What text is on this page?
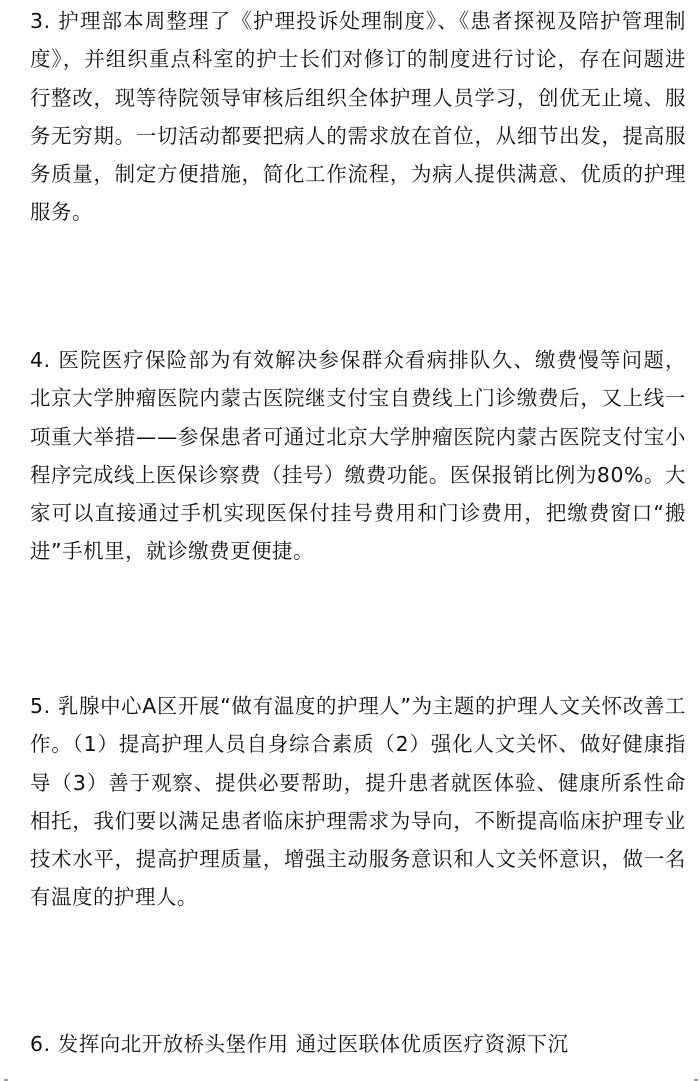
3. 护理部本周整理了《护理投诉处理制度》、《患者探视及陪护管理制度》，并组织重点科室的护士长们对修订的制度进行讨论，存在问题进行整改，现等待院领导审核后组织全体护理人员学习，创优无止境、服务无穷期。一切活动都要把病人的需求放在首位，从细节出发，提高服务质量，制定方便措施，简化工作流程，为病人提供满意、优质的护理服务。

4. 医院医疗保险部为有效解决参保群众看病排队久、缴费慢等问题，北京大学肿瘤医院内蒙古医院继支付宝自费线上门诊缴费后，又上线一项重大举措——参保患者可通过北京大学肿瘤医院内蒙古医院支付宝小程序完成线上医保诊察费（挂号）缴费功能。医保报销比例为80%。大家可以直接通过手机实现医保付挂号费用和门诊费用，把缴费窗口“搬进”手机里，就诊缴费更便捷。

5. 乳腺中心A区开展“做有温度的护理人”为主题的护理人文关怀改善工作。（1）提高护理人员自身综合素质（2）强化人文关怀、做好健康指导（3）善于观察、提供必要帮助，提升患者就医体验、健康所系性命相托，我们要以满足患者临床护理需求为导向，不断提高临床护理专业技术水平，提高护理质量，增强主动服务意识和人文关怀意识，做一名有温度的护理人。

6. 发挥向北开放桥头堡作用 通过医联体优质医疗资源下沉
